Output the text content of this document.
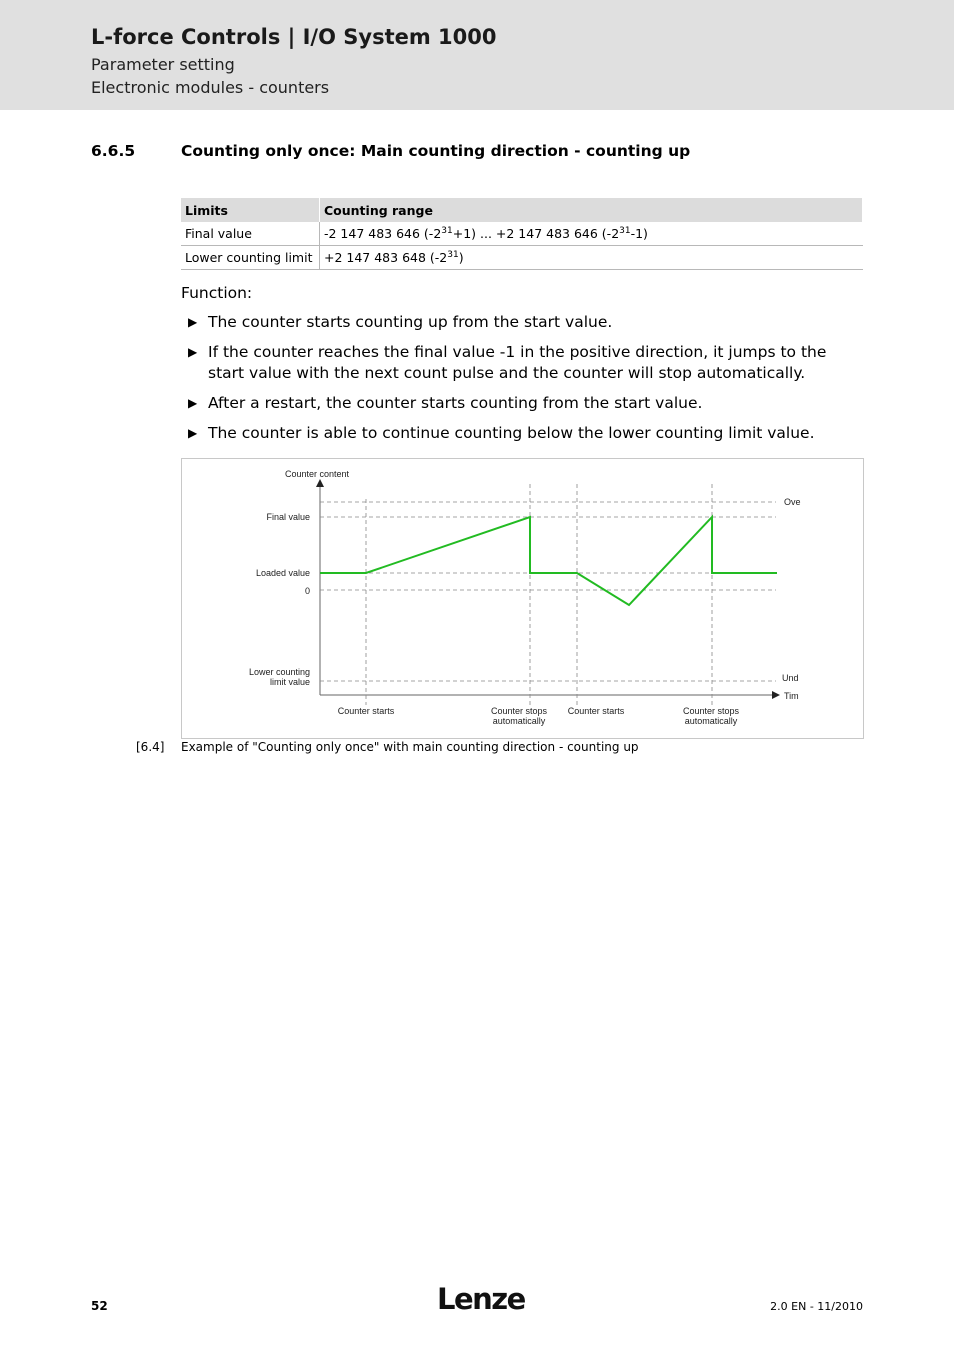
L-force Controls | I/O System 1000
Parameter setting
Electronic modules - counters
6.6.5	Counting only once: Main counting direction - counting up
Limits	Counting range
Final value	-2 147 483 646 $(-2^{31}+1)$ ... +2 147 483 646 $(-2^{31}-1)$
Lower counting limit	+2 147 483 648 $(-2^{31})$
Function:
▶ The counter starts counting up from the start value.
▶ If the counter reaches the final value -1 in the positive direction, it jumps to the start value with the next count pulse and the counter will stop automatically.
▶ After a restart, the counter starts counting from the start value.
▶ The counter is able to continue counting below the lower counting limit value.
Counter content
Tim
Final value
Loaded value
0
Lower counting limit value
Ove
Und
Counter starts	Counter stops automatically
Counter starts	Counter stops automatically
[6.4] Example of "Counting only once" with main counting direction - counting up
52	Lenze	2.0 EN - 11/2010
